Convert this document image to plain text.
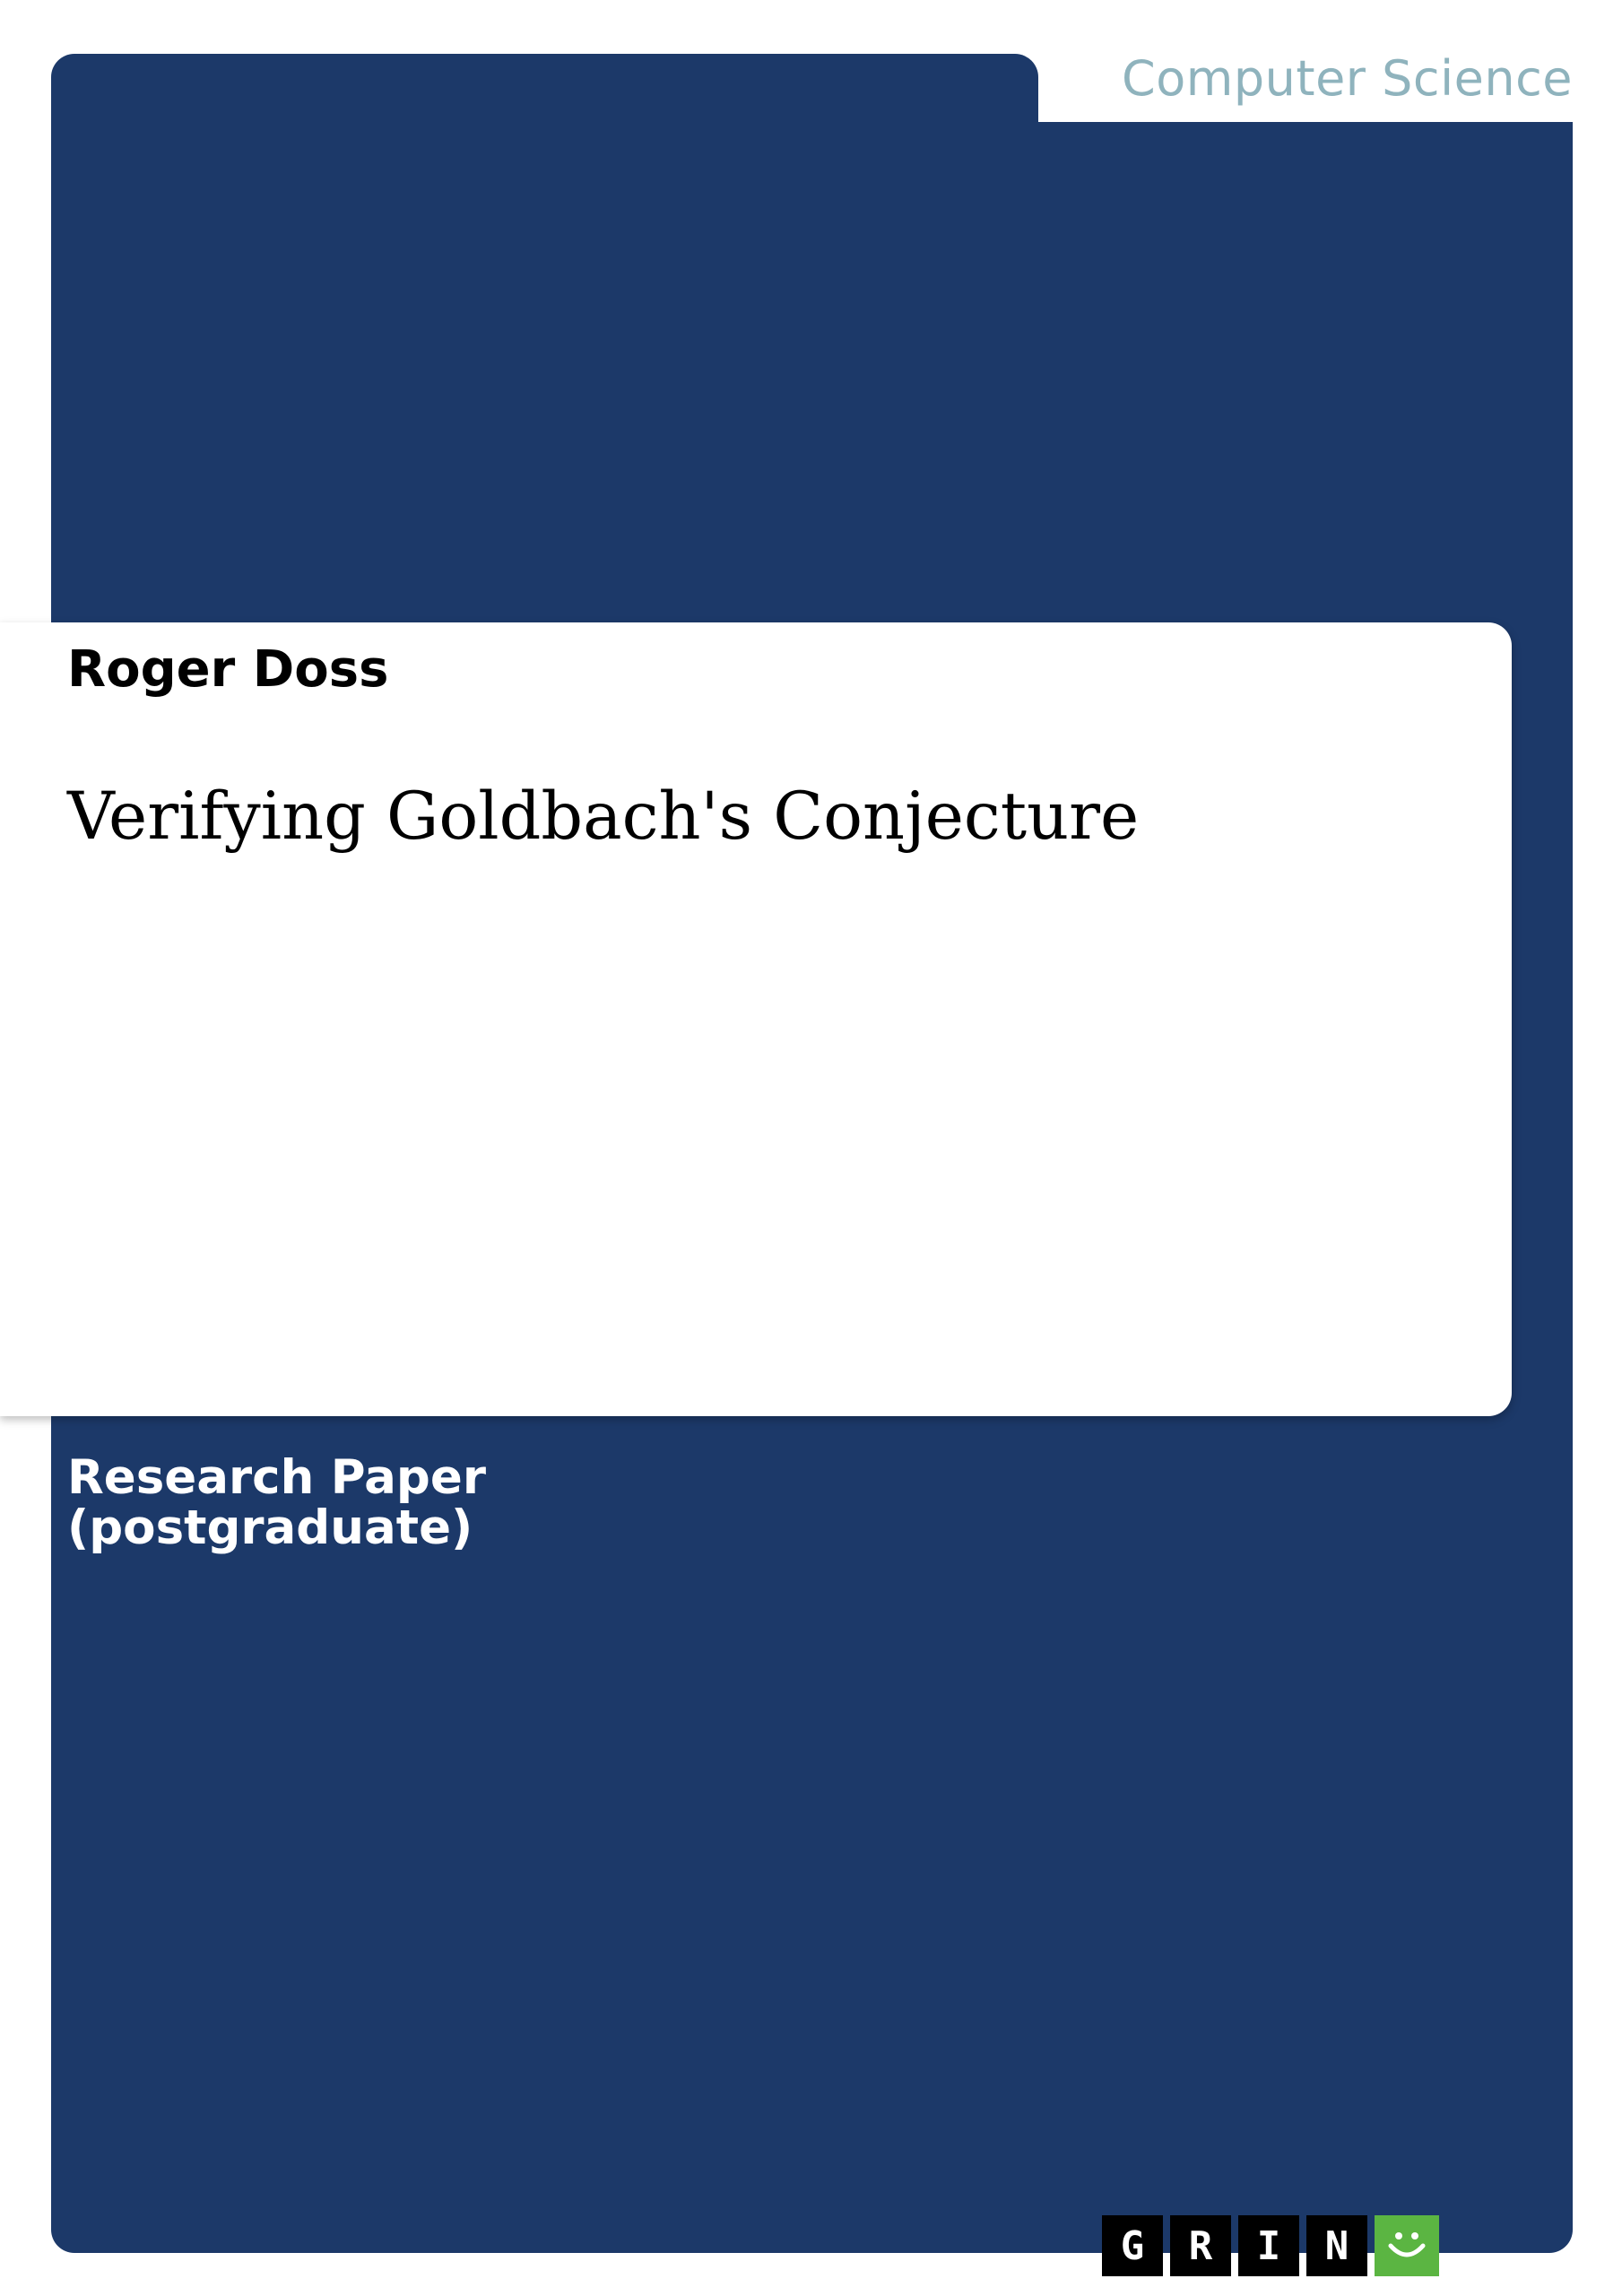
Computer Science
Roger Doss
Verifying Goldbach's Conjecture
Research Paper
(postgraduate)
G	R	I	N
